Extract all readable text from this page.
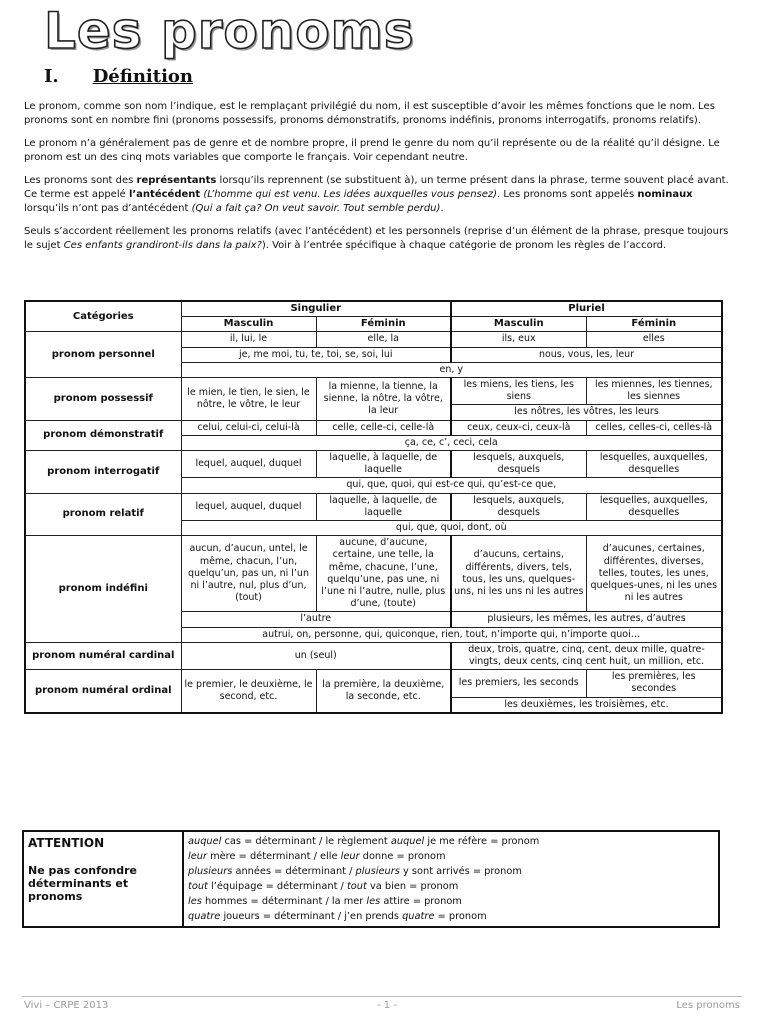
Les pronoms
I. Définition

Le pronom, comme son nom l’indique, est le remplaçant privilégié du nom, il est susceptible d’avoir les mêmes fonctions que le nom. Les pronoms sont en nombre fini (pronoms possessifs, pronoms démonstratifs, pronoms indéfinis, pronoms interrogatifs, pronoms relatifs).

Le pronom n’a généralement pas de genre et de nombre propre, il prend le genre du nom qu’il représente ou de la réalité qu’il désigne. Le pronom est un des cinq mots variables que comporte le français. Voir cependant neutre.

Les pronoms sont des représentants lorsqu’ils reprennent (se substituent à), un terme présent dans la phrase, terme souvent placé avant. Ce terme est appelé l’antécédent (L’homme qui est venu. Les idées auxquelles vous pensez). Les pronoms sont appelés nominaux lorsqu’ils n’ont pas d’antécédent (Qui a fait ça? On veut savoir. Tout semble perdu).

Seuls s’accordent réellement les pronoms relatifs (avec l’antécédent) et les personnels (reprise d’un élément de la phrase, presque toujours le sujet Ces enfants grandiront-ils dans la paix?). Voir à l’entrée spécifique à chaque catégorie de pronom les règles de l’accord.

Catégories	Singulier		Pluriel	
	Masculin	Féminin	Masculin	Féminin
pronom personnel	il, lui, le	elle, la	ils, eux	elles
	je, me moi, tu, te, toi, se, soi, lui		nous, vous, les, leur	
	en, y			
pronom possessif	le mien, le tien, le sien, le nôtre, le vôtre, le leur	la mienne, la tienne, la sienne, la nôtre, la vôtre, la leur	les miens, les tiens, les siens	les miennes, les tiennes, les siennes
			les nôtres, les vôtres, les leurs	
pronom démonstratif	celui, celui-ci, celui-là	celle, celle-ci, celle-là	ceux, ceux-ci, ceux-là	celles, celles-ci, celles-là
	ça, ce, c’, ceci, cela			
pronom interrogatif	lequel, auquel, duquel	laquelle, à laquelle, de laquelle	lesquels, auxquels, desquels	lesquelles, auxquelles, desquelles
	qui, que, quoi, qui est-ce qui, qu’est-ce que,			
pronom relatif	lequel, auquel, duquel	laquelle, à laquelle, de laquelle	lesquels, auxquels, desquels	lesquelles, auxquelles, desquelles
	qui, que, quoi, dont, où			
pronom indéfini	aucun, d’aucun, untel, le même, chacun, l’un, quelqu’un, pas un, ni l’un ni l’autre, nul, plus d’un, (tout)	aucune, d’aucune, certaine, une telle, la même, chacune, l’une, quelqu’une, pas une, ni l’une ni l’autre, nulle, plus d’une, (toute)	d’aucuns, certains, différents, divers, tels, tous, les uns, quelques-uns, ni les uns ni les autres	d’aucunes, certaines, différentes, diverses, telles, toutes, les unes, quelques-unes, ni les unes ni les autres
	l’autre		plusieurs, les mêmes, les autres, d’autres	
	autrui, on, personne, qui, quiconque, rien, tout, n’importe qui, n’importe quoi…			
pronom numéral cardinal	un (seul)		deux, trois, quatre, cinq, cent, deux mille, quatre-vingts, deux cents, cinq cent huit, un million, etc.	
pronom numéral ordinal	le premier, le deuxième, le second, etc.	la première, la deuxième, la seconde, etc.	les premiers, les seconds	les premières, les secondes
			les deuxièmes, les troisièmes, etc.	
ATTENTION
Ne pas confondre déterminants et pronoms
auquel cas = déterminant / le règlement auquel je me réfère = pronom
leur mère = déterminant / elle leur donne = pronom
plusieurs années = déterminant / plusieurs y sont arrivés = pronom
tout l’équipage = déterminant / tout va bien = pronom
les hommes = déterminant / la mer les attire = pronom
quatre joueurs = déterminant / j’en prends quatre = pronom
Vivi – CRPE 2013	- 1 -	Les pronoms
